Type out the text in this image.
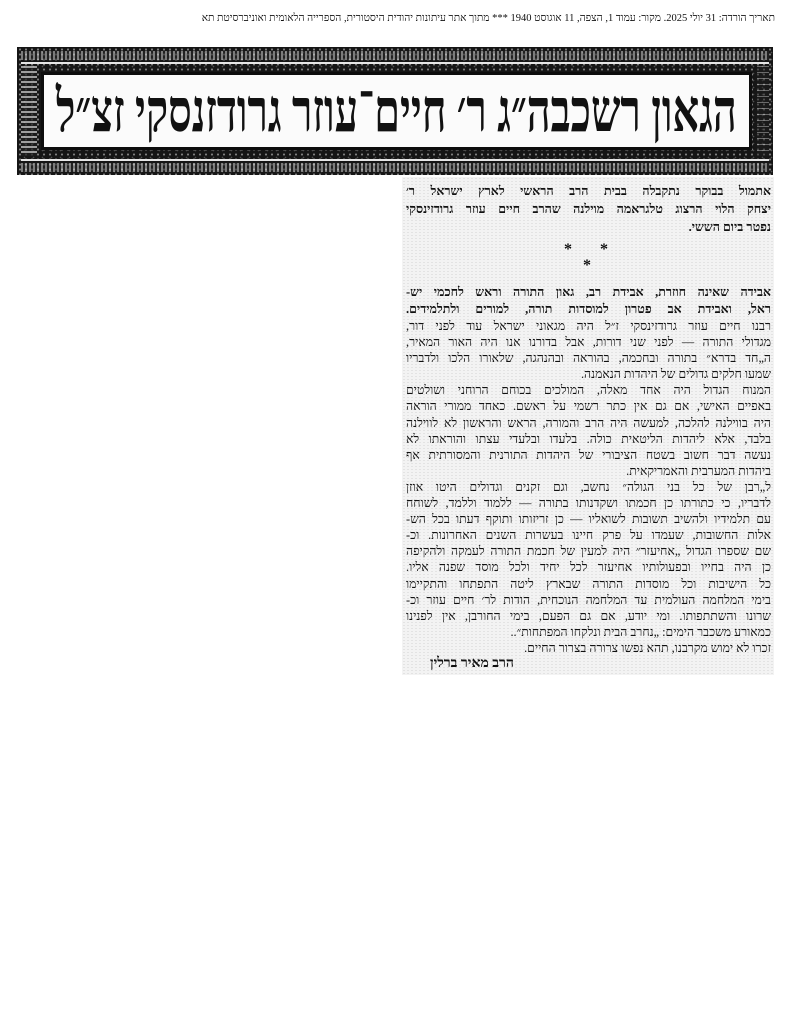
תאריך הורדה: 31 יולי 2025. מקור: עמוד 1, הצפה, 11 אוגוסט 1940 *** מתוך אתר עיתונות יהודית היסטורית, הספרייה הלאומית ואוניברסיטת תא
הגאון רשכבה״ג ר׳ חיים־עוזר גרודזנסקי זצ״ל
אתמול בבוקר נתקבלה בבית הרב הראשי לארץ ישראל ר׳
יצחק הלוי הרצוג טלגראמה מוילנה שהרב חיים עוזר גרודזינסקי
נפטר ביום הששי.
* *
*
אבידה שאינה חוזרת, אבידת רב, גאון התורה וראש לחכמי יש-
ראל, ואבידת אב פטרון למוסדות תורה, למורים ולתלמידים.
רבנו חיים עוזר גרודזינסקי ז״ל היה מגאוני ישראל עוד לפני דור,
מגדולי התורה — לפני שני דורות, אבל בדורנו אנו היה האור המאיר,
ה„חד בדרא״ בתורה ובחכמה, בהוראה ובהנהגה, שלאורו הלכו ולדבריו
שמעו חלקים גדולים של היהדות הנאמנה.
המנוח הגדול היה אחד מאלה, המולכים בכוחם הרוחני ושולטים
באפיים האישי, אם גם אין כתר רשמי על ראשם. כאחד ממורי הוראה
היה בווילנה להלכה, למעשה היה הרב והמורה, הראש והראשון לא לווילנה
בלבד, אלא ליהדות הליטאית כולה. בלעדו ובלעדי עצתו והוראתו לא
נעשה דבר חשוב בשטח הציבורי של היהדות התורנית והמסורתית אף
ביהדות המערבית והאמריקאית.
ל„רבן של כל בני הגולה״ נחשב, וגם זקנים וגדולים היטו אוזן
לדבריו, כי כתורתו כן חכמתו ושקדנותו בתורה — ללמוד וללמד, לשוחח
עם תלמידיו ולהשיב תשובות לשואליו — כן זריזותו ותוקף דעתו בכל הש-
אלות החשובות, שעמדו על פרק חיינו בעשרות השנים האחרונות. וכ-
שם שספרו הגדול „אחיעזר״ היה למעין של חכמת התורה לעמקה ולהקיפה
כן היה בחייו ובפעולותיו אחיעזר לכל יחיד ולכל מוסד שפנה אליו.
כל הישיבות וכל מוסדות התורה שבארץ ליטה התפתחו והתקיימו
בימי המלחמה העולמית עד המלחמה הנוכחית, הודות לר׳ חיים עוזר וכ-
שרונו והשתתפותו. ומי יודע, אם גם הפעם, בימי החורבן, אין לפנינו
כמאורע משכבר הימים: „נחרב הבית ונלקחו המפתחות״..
זכרו לא ימוש מקרבנו, תהא נפשו צרורה בצרור החיים.
הרב מאיר ברלין
